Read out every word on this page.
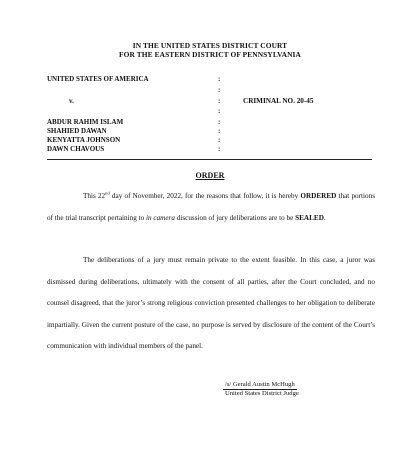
IN THE UNITED STATES DISTRICT COURT
FOR THE EASTERN DISTRICT OF PENNSYLVANIA
UNITED STATES OF AMERICA
v.
ABDUR RAHIM ISLAM
SHAHIED DAWAN
KENYATTA JOHNSON
DAWN CHAVOUS
:
:
:
:
:
:
:
:
CRIMINAL NO. 20-45
ORDER

This 22nd day of November, 2022, for the reasons that follow, it is hereby ORDERED that portions of the trial transcript pertaining to in camera discussion of jury deliberations are to be SEALED.

The deliberations of a jury must remain private to the extent feasible. In this case, a juror was dismissed during deliberations, ultimately with the consent of all parties, after the Court concluded, and no counsel disagreed, that the juror’s strong religious conviction presented challenges to her obligation to deliberate impartially. Given the current posture of the case, no purpose is served by disclosure of the content of the Court’s communication with individual members of the panel.

/s/ Gerald Austin McHugh
United States District Judge
